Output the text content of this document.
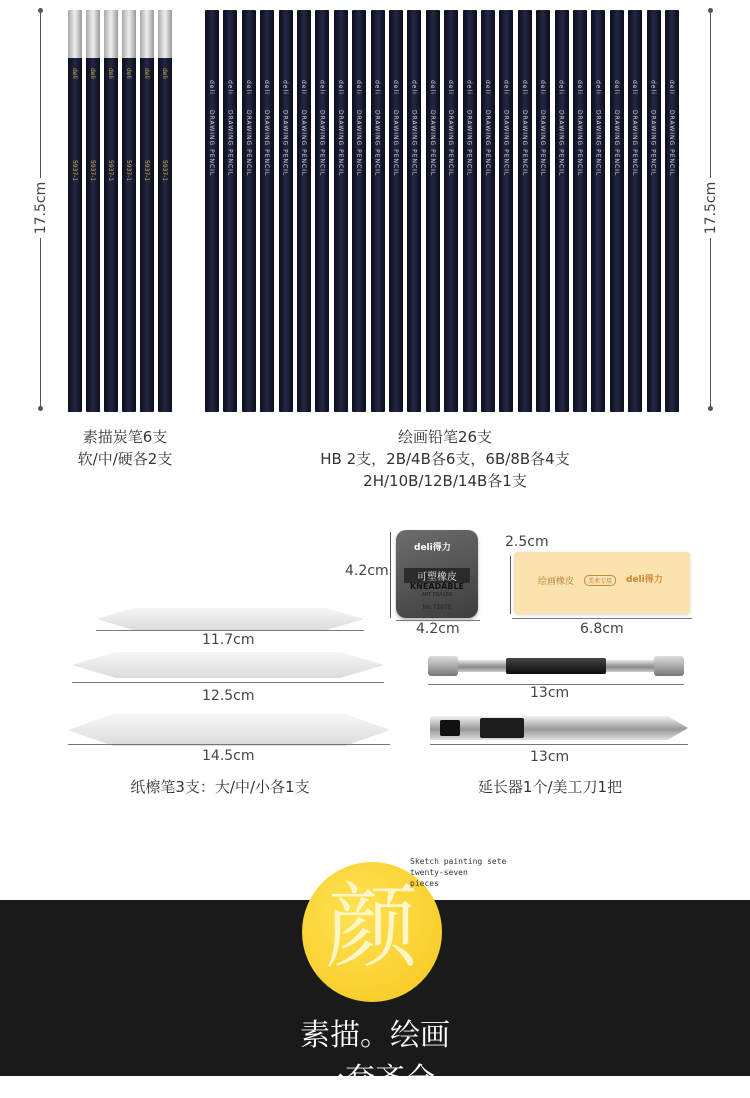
17.5cm	17.5cm
deli
5937-1
deli
5937-1
deli
5937-1
deli
5937-1
deli
5937-1
deli
5937-1
deli
DRAWING PENCIL
deli
DRAWING PENCIL
deli
DRAWING PENCIL
deli
DRAWING PENCIL
deli
DRAWING PENCIL
deli
DRAWING PENCIL
deli
DRAWING PENCIL
deli
DRAWING PENCIL
deli
DRAWING PENCIL
deli
DRAWING PENCIL
deli
DRAWING PENCIL
deli
DRAWING PENCIL
deli
DRAWING PENCIL
deli
DRAWING PENCIL
deli
DRAWING PENCIL
deli
DRAWING PENCIL
deli
DRAWING PENCIL
deli
DRAWING PENCIL
deli
DRAWING PENCIL
deli
DRAWING PENCIL
deli
DRAWING PENCIL
deli
DRAWING PENCIL
deli
DRAWING PENCIL
deli
DRAWING PENCIL
deli
DRAWING PENCIL
deli
DRAWING PENCIL
素描炭笔6支
软/中/硬各2支
绘画铅笔26支
HB 2支，2B/4B各6支，6B/8B各4支
2H/10B/12B/14B各1支
11.7cm
12.5cm
14.5cm
纸檫笔3支：大/中/小各1支
4.2cm
deli得力
可塑橡皮
KNEADABLE
ART ERASER
No.71070
4.2cm
2.5cm
绘画橡皮	美术专用	deli得力
6.8cm
13cm
13cm
延长器1个/美工刀1把
颜
Sketch painting sete
twenty-seven
pieces
素描。绘画
一套齐全
